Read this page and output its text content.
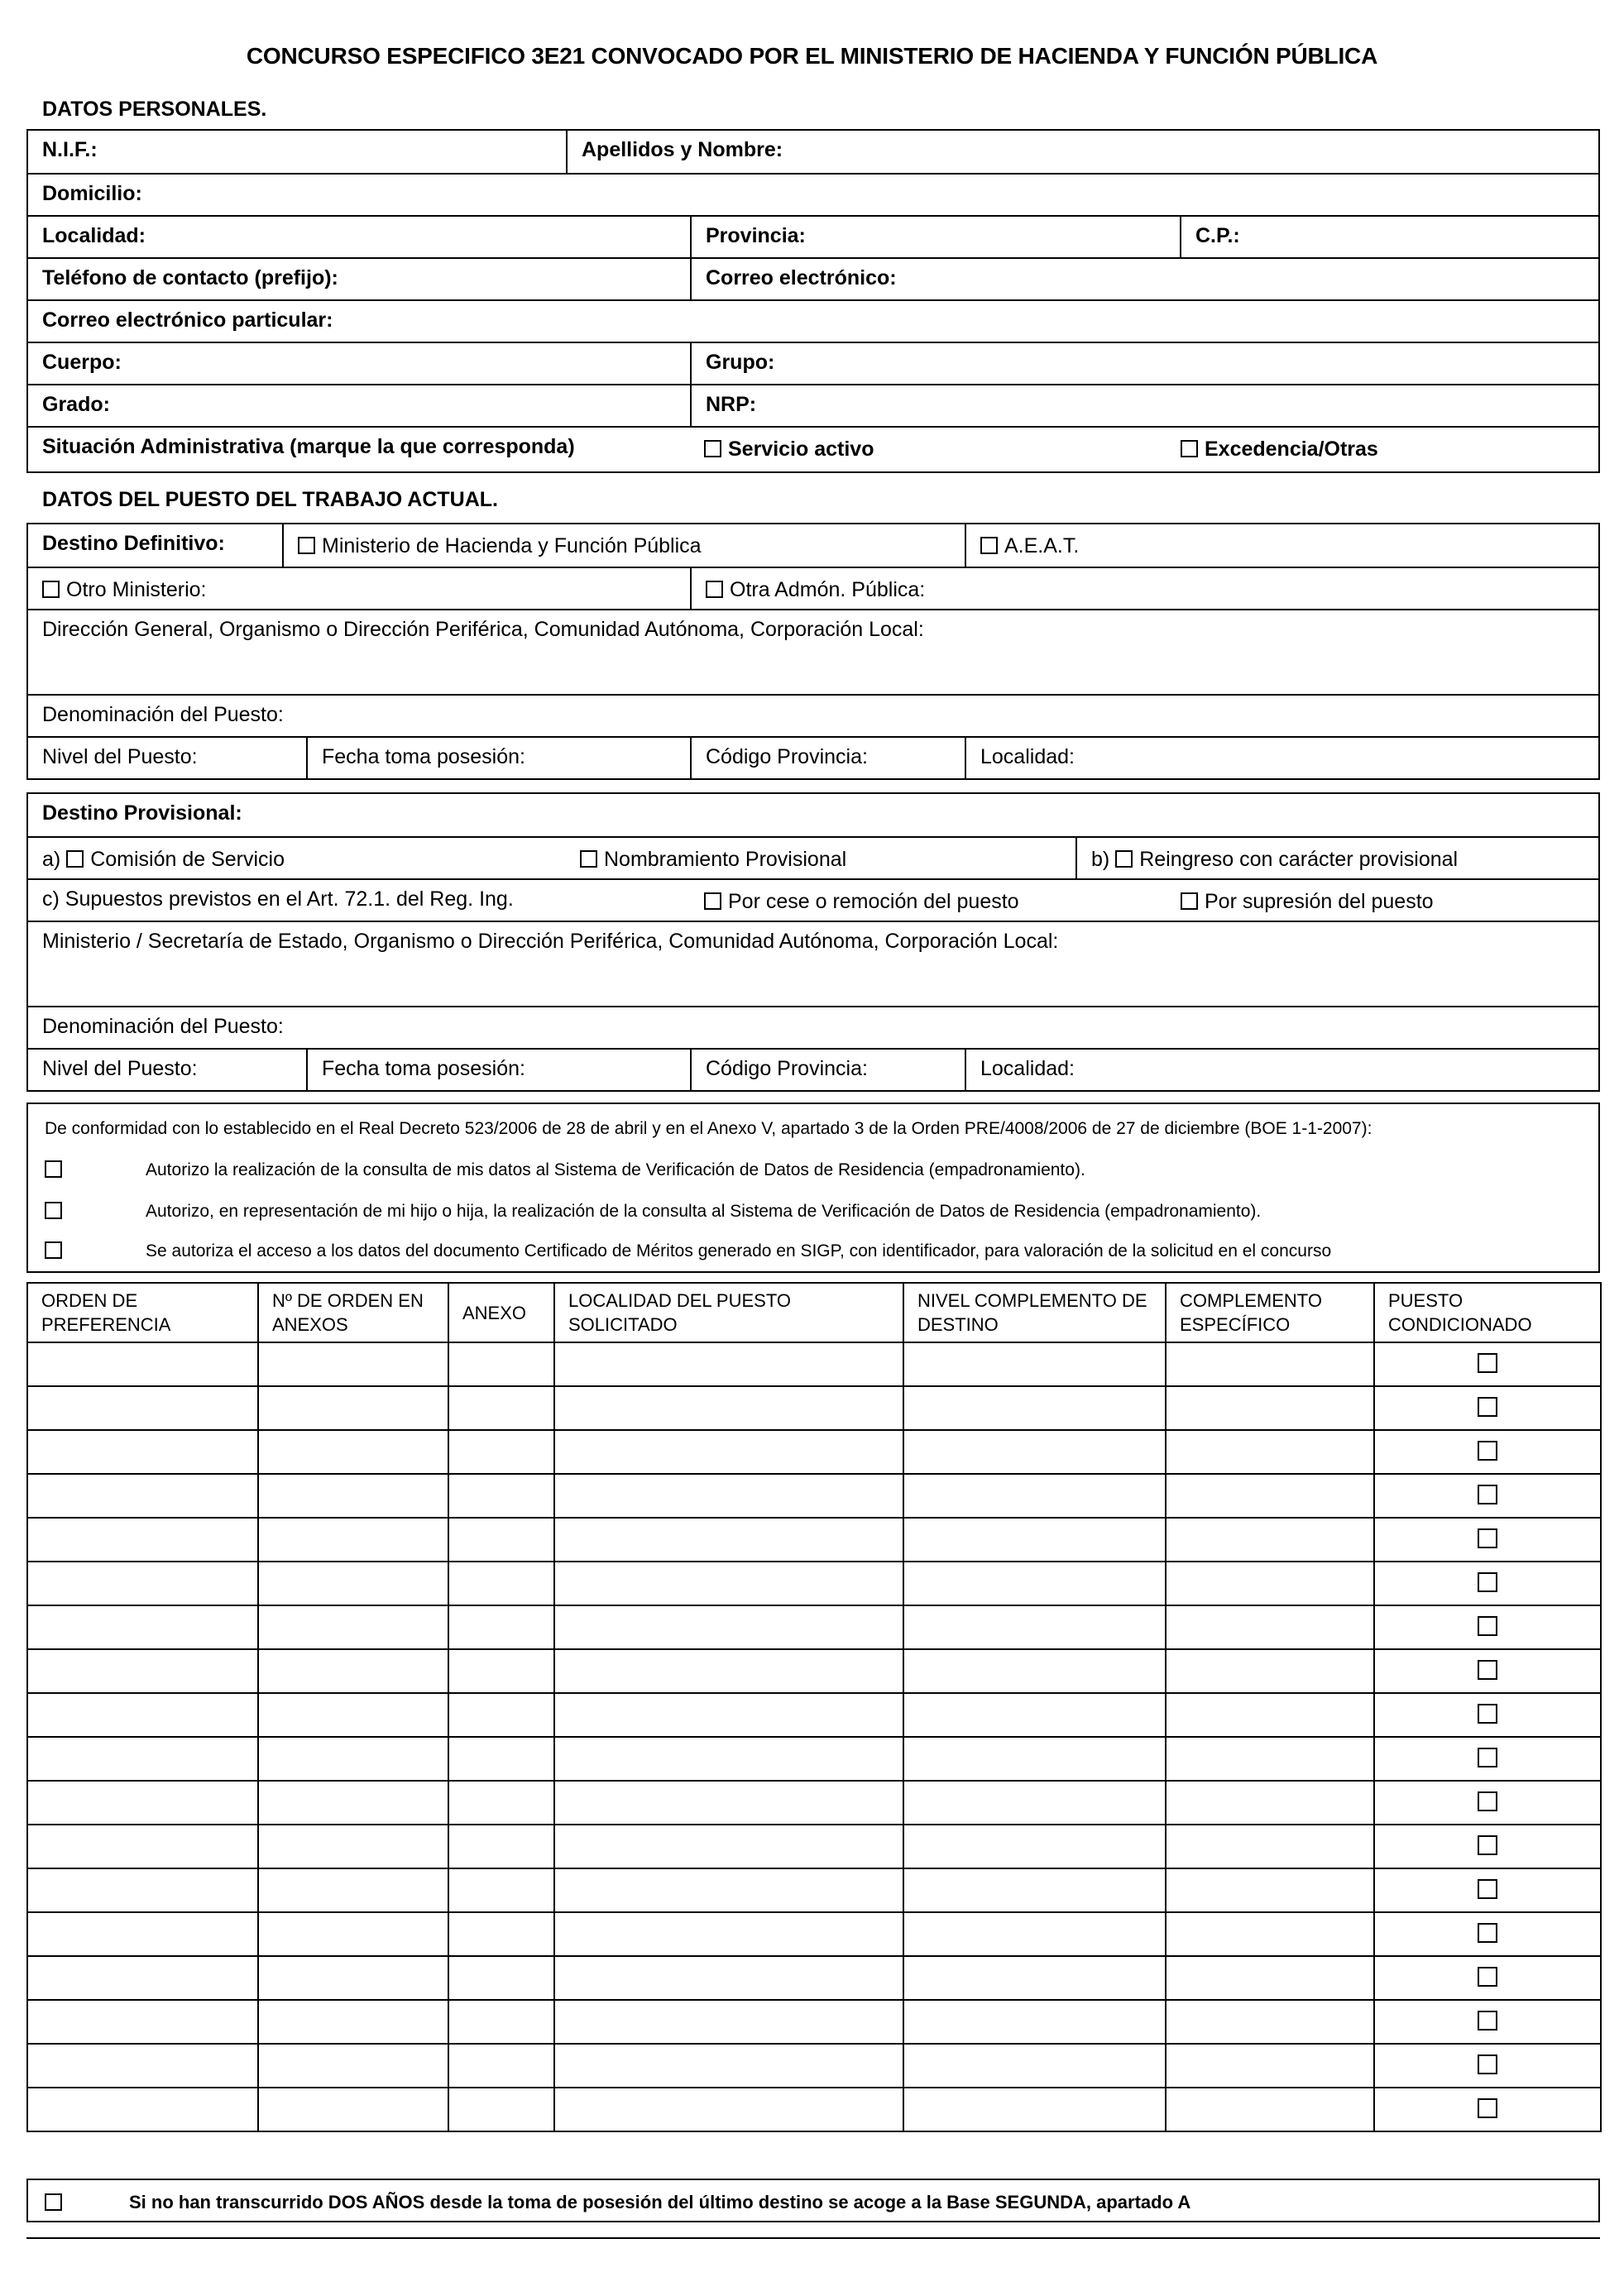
CONCURSO ESPECIFICO 3E21 CONVOCADO POR EL MINISTERIO DE HACIENDA Y FUNCIÓN PÚBLICA
DATOS PERSONALES.
N.I.F.:	Apellidos y Nombre:
Domicilio:
Localidad:	Provincia:	C.P.:
Teléfono de contacto (prefijo):	Correo electrónico:
Correo electrónico particular:
Cuerpo:	Grupo:
Grado:	NRP:
Situación Administrativa (marque la que corresponda)	Servicio activo	Excedencia/Otras
DATOS DEL PUESTO DEL TRABAJO ACTUAL.
Destino Definitivo:	Ministerio de Hacienda y Función Pública	A.E.A.T.
Otro Ministerio:	Otra Admón. Pública:
Dirección General, Organismo o Dirección Periférica, Comunidad Autónoma, Corporación Local:
Denominación del Puesto:
Nivel del Puesto:	Fecha toma posesión:	Código Provincia:	Localidad:
Destino Provisional:
a) Comisión de Servicio	Nombramiento Provisional	b) Reingreso con carácter provisional
c) Supuestos previstos en el Art. 72.1. del Reg. Ing.	Por cese o remoción del puesto	Por supresión del puesto
Ministerio / Secretaría de Estado, Organismo o Dirección Periférica, Comunidad Autónoma, Corporación Local:
Denominación del Puesto:
Nivel del Puesto:	Fecha toma posesión:	Código Provincia:	Localidad:
De conformidad con lo establecido en el Real Decreto 523/2006 de 28 de abril y en el Anexo V, apartado 3 de la Orden PRE/4008/2006 de 27 de diciembre (BOE 1-1-2007):
Autorizo la realización de la consulta de mis datos al Sistema de Verificación de Datos de Residencia (empadronamiento).
Autorizo, en representación de mi hijo o hija, la realización de la consulta al Sistema de Verificación de Datos de Residencia (empadronamiento).
Se autoriza el acceso a los datos del documento Certificado de Méritos generado en SIGP, con identificador, para valoración de la solicitud en el concurso
ORDEN DE PREFERENCIA	Nº DE ORDEN EN ANEXOS	ANEXO	LOCALIDAD DEL PUESTO SOLICITADO	NIVEL COMPLEMENTO DE DESTINO	COMPLEMENTO ESPECÍFICO	PUESTO CONDICIONADO

Si no han transcurrido DOS AÑOS desde la toma de posesión del último destino se acoge a la Base SEGUNDA, apartado A
